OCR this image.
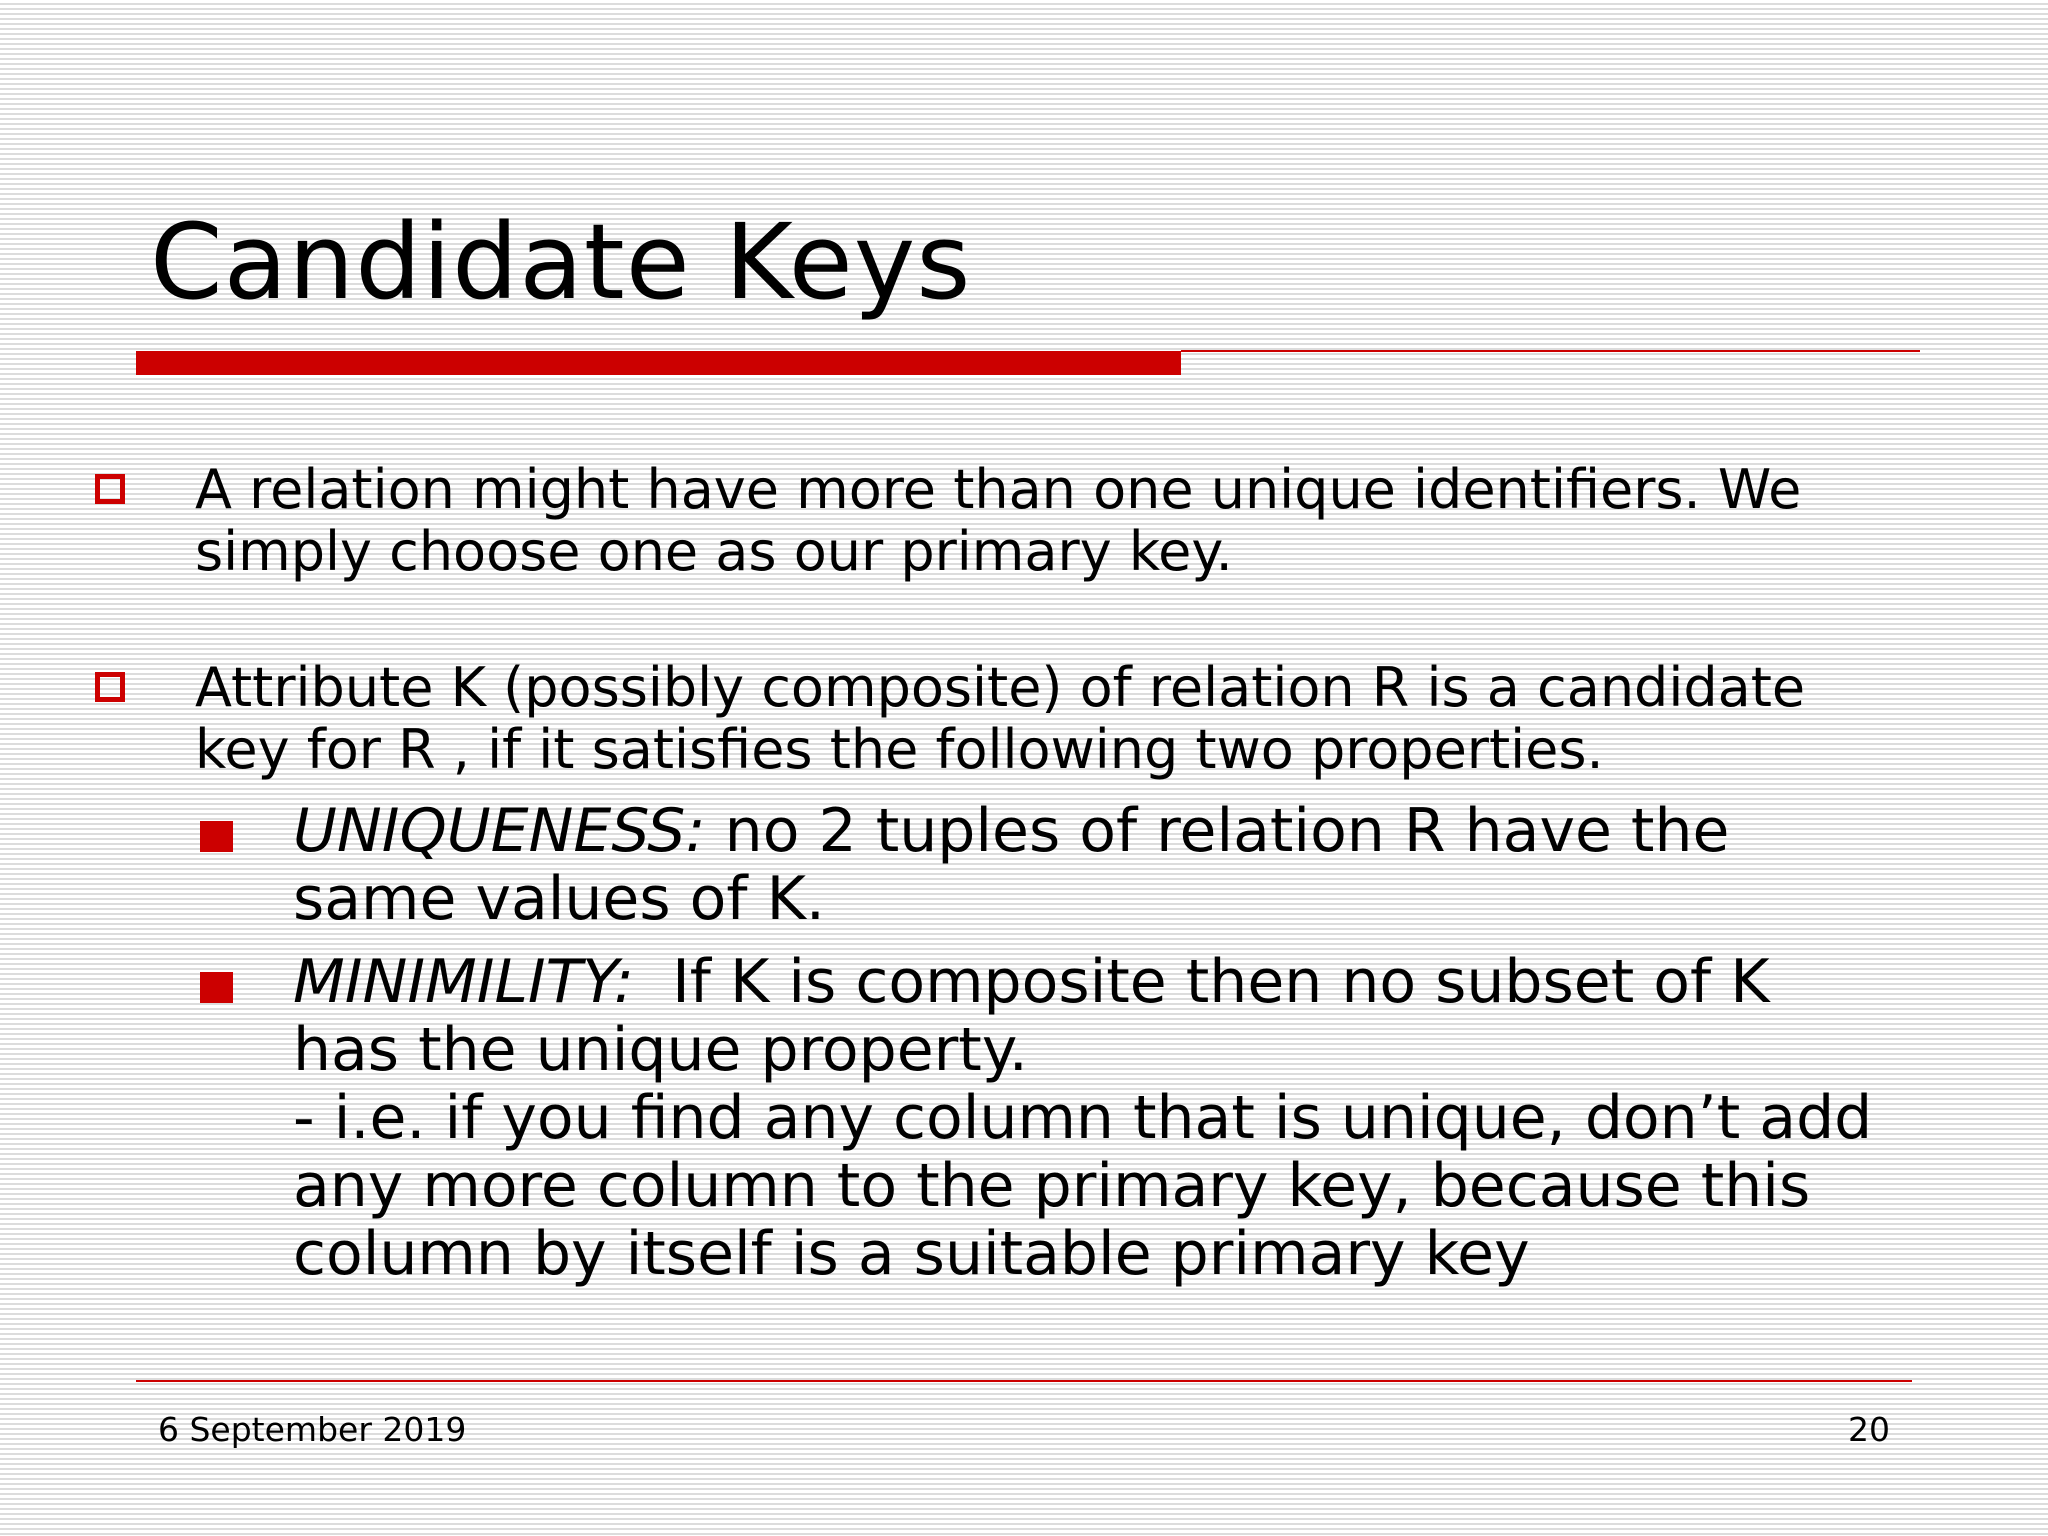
Candidate Keys
A relation might have more than one unique identifiers. We
simply choose one as our primary key.
Attribute K (possibly composite) of relation R is a candidate
key for R , if it satisfies the following two properties.
UNIQUENESS: no 2 tuples of relation R have the
same values of K.
MINIMILITY:  If K is composite then no subset of K
has the unique property.
- i.e. if you find any column that is unique, don’t add
any more column to the primary key, because this
column by itself is a suitable primary key
6 September 2019	20
